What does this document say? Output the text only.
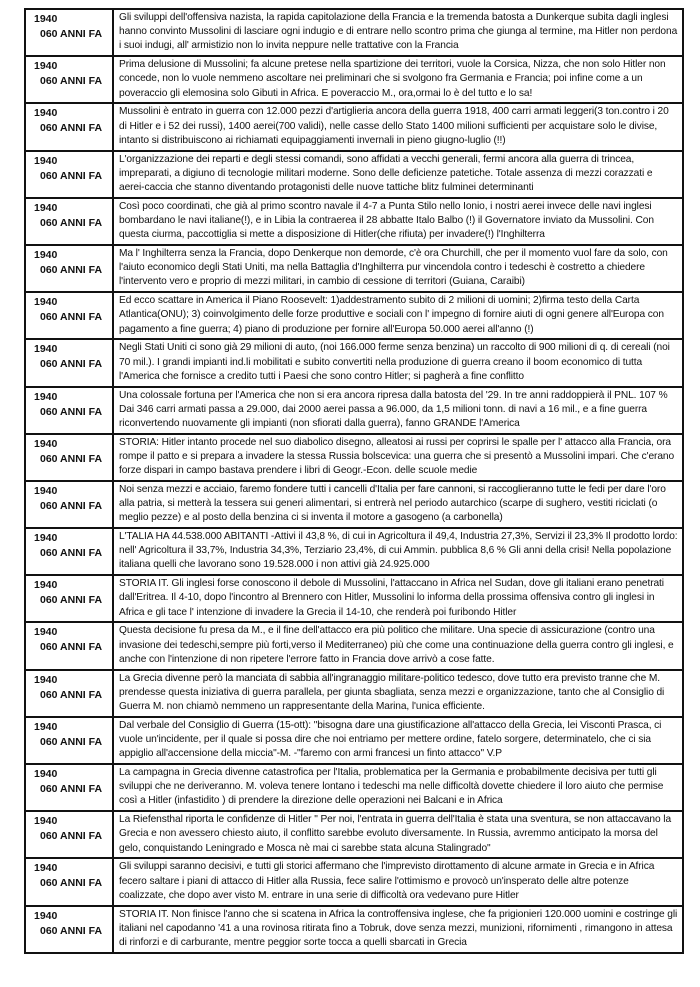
1940
060 ANNI FA

Gli sviluppi dell'offensiva nazista, la rapida capitolazione della Francia e la tremenda batosta a Dunkerque subita dagli inglesi hanno convinto Mussolini di lasciare ogni indugio e di entrare nello scontro prima che giunga al termine, ma Hitler non perdona i suoi indugi, all' armistizio non lo invita neppure nelle trattative con la Francia

1940
060 ANNI FA

Prima delusione di Mussolini; fa alcune pretese nella spartizione dei territori, vuole la Corsica, Nizza, che non solo Hitler non concede, non lo vuole nemmeno ascoltare nei preliminari che si svolgono fra Germania e Francia; poi infine come a un poveraccio gli elemosina solo Gibuti in Africa. E poveraccio M., ora,ormai lo è del tutto e lo sa!

1940
060 ANNI FA

Mussolini è entrato in guerra con 12.000 pezzi d'artiglieria ancora della guerra 1918, 400 carri armati leggeri(3 ton.contro i 20 di Hitler e i 52 dei russi), 1400 aerei(700 validi), nelle casse dello Stato 1400 milioni sufficienti per acquistare solo le divise, intanto si distribuiscono ai richiamati equipaggiamenti invernali in pieno giugno-luglio (!!)

1940
060 ANNI FA

L'organizzazione dei reparti e degli stessi comandi, sono affidati a vecchi generali, fermi ancora alla guerra di trincea, impreparati, a digiuno di tecnologie militari moderne. Sono delle deficienze patetiche. Totale assenza di mezzi corazzati e aerei-caccia che stanno diventando protagonisti delle nuove tattiche blitz fulminei determinanti

1940
060 ANNI FA

Così poco coordinati, che già al primo scontro navale il 4-7 a Punta Stilo nello Ionio, i nostri aerei invece delle navi inglesi bombardano le navi italiane(!), e in Libia la contraerea il 28 abbatte Italo Balbo (!) il Governatore inviato da Mussolini. Con questa ciurma, paccottiglia si mette a disposizione di Hitler(che rifiuta) per invadere(!) l'Inghilterra

1940
060 ANNI FA

Ma l' Inghilterra senza la Francia, dopo Denkerque non demorde, c'è ora Churchill, che per il momento vuol fare da solo, con l'aiuto economico degli Stati Uniti, ma nella Battaglia d'Inghilterra pur vincendola contro i tedeschi è costretto a chiedere l'intervento vero e proprio di mezzi militari, in cambio di cessione di territori (Guiana, Caraibi)

1940
060 ANNI FA

Ed ecco scattare in America il Piano Roosevelt: 1)addestramento subito di 2 milioni di uomini; 2)firma testo della Carta Atlantica(ONU); 3) coinvolgimento delle forze produttive e sociali con l' impegno di fornire aiuti di ogni genere all'Europa con pagamento a fine guerra; 4) piano di produzione per fornire all'Europa 50.000 aerei all'anno (!)

1940
060 ANNI FA

Negli Stati Uniti ci sono già 29 milioni di auto, (noi 166.000 ferme senza benzina) un raccolto di 900 milioni di q. di cereali (noi 70 mil.). I grandi impianti ind.li mobilitati e subito convertiti nella produzione di guerra creano il boom economico di tutta l'America che fornisce a credito tutti i Paesi che sono contro Hitler; si pagherà a fine conflitto

1940
060 ANNI FA

Una colossale fortuna per l'America che non si era ancora ripresa dalla batosta del '29. In tre anni raddoppierà il PNL. 107 % Dai 346 carri armati passa a 29.000, dai 2000 aerei passa a 96.000, da 1,5 milioni tonn. di navi a 16 mil., e a fine guerra riconvertendo nuovamente gli impianti (non sfiorati dalla guerra), fanno GRANDE l'America

1940
060 ANNI FA

STORIA: Hitler intanto procede nel suo diabolico disegno, alleatosi ai russi per coprirsi le spalle per l' attacco alla Francia, ora rompe il patto e si prepara a invadere la stessa Russia bolscevica: una guerra che si presentò a Mussolini impari. Che c'erano forze dispari in campo bastava prendere i libri di Geogr.-Econ. delle scuole medie

1940
060 ANNI FA

Noi senza mezzi e acciaio, faremo fondere tutti i cancelli d'Italia per fare cannoni, si raccoglieranno tutte le fedi per dare l'oro alla patria, si metterà la tessera sui generi alimentari, si entrerà nel periodo autarchico (scarpe di sughero, vestiti riciclati (o meglio pezze) e al posto della benzina ci si inventa il motore a gasogeno (a carbonella)

1940
060 ANNI FA

L'TALIA HA 44.538.000 ABITANTI -Attivi il 43,8 %, di cui in Agricoltura il 49,4, Industria 27,3%, Servizi il 23,3% Il prodotto lordo: nell' Agricoltura il 33,7%, Industria 34,3%, Terziario 23,4%, di cui Ammin. pubblica 8,6 % Gli anni della crisi! Nella popolazione italiana quelli che lavorano sono 19.528.000 i non attivi già 24.925.000

1940
060 ANNI FA

STORIA IT. Gli inglesi forse conoscono il debole di Mussolini, l'attaccano in Africa nel Sudan, dove gli italiani erano penetrati dall'Eritrea. Il 4-10, dopo l'incontro al Brennero con Hitler, Mussolini lo informa della prossima offensiva contro gli inglesi in Africa e gli tace l' intenzione di invadere la Grecia il 14-10, che renderà poi furibondo Hitler

1940
060 ANNI FA

Questa decisione fu presa da M., e il fine dell'attacco era più politico che militare. Una specie di assicurazione (contro una invasione dei tedeschi,sempre più forti,verso il Mediterraneo) più che come una continuazione della guerra contro gli inglesi, e anche con l'intenzione di non ripetere l'errore fatto in Francia dove arrivò a cose fatte.

1940
060 ANNI FA

La Grecia divenne però la manciata di sabbia all'ingranaggio militare-politico tedesco, dove tutto era previsto tranne che M. prendesse questa iniziativa di guerra parallela, per giunta sbagliata, senza mezzi e organizzazione, tanto che al Consiglio di Guerra M. non chiamò nemmeno un rappresentante della Marina, l'unica efficiente.

1940
060 ANNI FA

Dal verbale del Consiglio di Guerra (15-ott): "bisogna dare una giustificazione all'attacco della Grecia, lei Visconti Prasca, ci vuole un'incidente, per il quale si possa dire che noi entriamo per mettere ordine, fatelo sorgere, determinatelo, che ci sia appiglio all'accensione della miccia"-M. -"faremo con armi francesi un finto attacco" V.P

1940
060 ANNI FA

La campagna in Grecia divenne catastrofica per l'Italia, problematica per la Germania e probabilmente decisiva per tutti gli sviluppi che ne deriveranno. M. voleva tenere lontano i tedeschi ma nelle difficoltà dovette chiedere il loro aiuto che permise così a Hitler (infastidito ) di prendere la direzione delle operazioni nei Balcani e in Africa

1940
060 ANNI FA

La Riefensthal riporta le confidenze di Hitler " Per noi, l'entrata in guerra dell'Italia è stata una sventura, se non attaccavano la Grecia e non avessero chiesto aiuto, il conflitto sarebbe evoluto diversamente. In Russia, avremmo anticipato la morsa del gelo, conquistando Leningrado e Mosca nè mai ci sarebbe stata alcuna Stalingrado"

1940
060 ANNI FA

Gli sviluppi saranno decisivi, e tutti gli storici affermano che l'imprevisto dirottamento di alcune armate in Grecia e in Africa fecero saltare i piani di attacco di Hitler alla Russia, fece salire l'ottimismo e provocò un'insperato delle altre potenze coalizzate, che dopo aver visto M. entrare in una serie di difficoltà ora vedevano pure Hitler

1940
060 ANNI FA

STORIA IT. Non finisce l'anno che si scatena in Africa la controffensiva inglese, che fa prigionieri 120.000 uomini e costringe gli italiani nel capodanno '41 a una rovinosa ritirata fino a Tobruk, dove senza mezzi, munizioni, rifornimenti , rimangono in attesa di rinforzi e di carburante, mentre peggior sorte tocca a quelli sbarcati in Grecia
